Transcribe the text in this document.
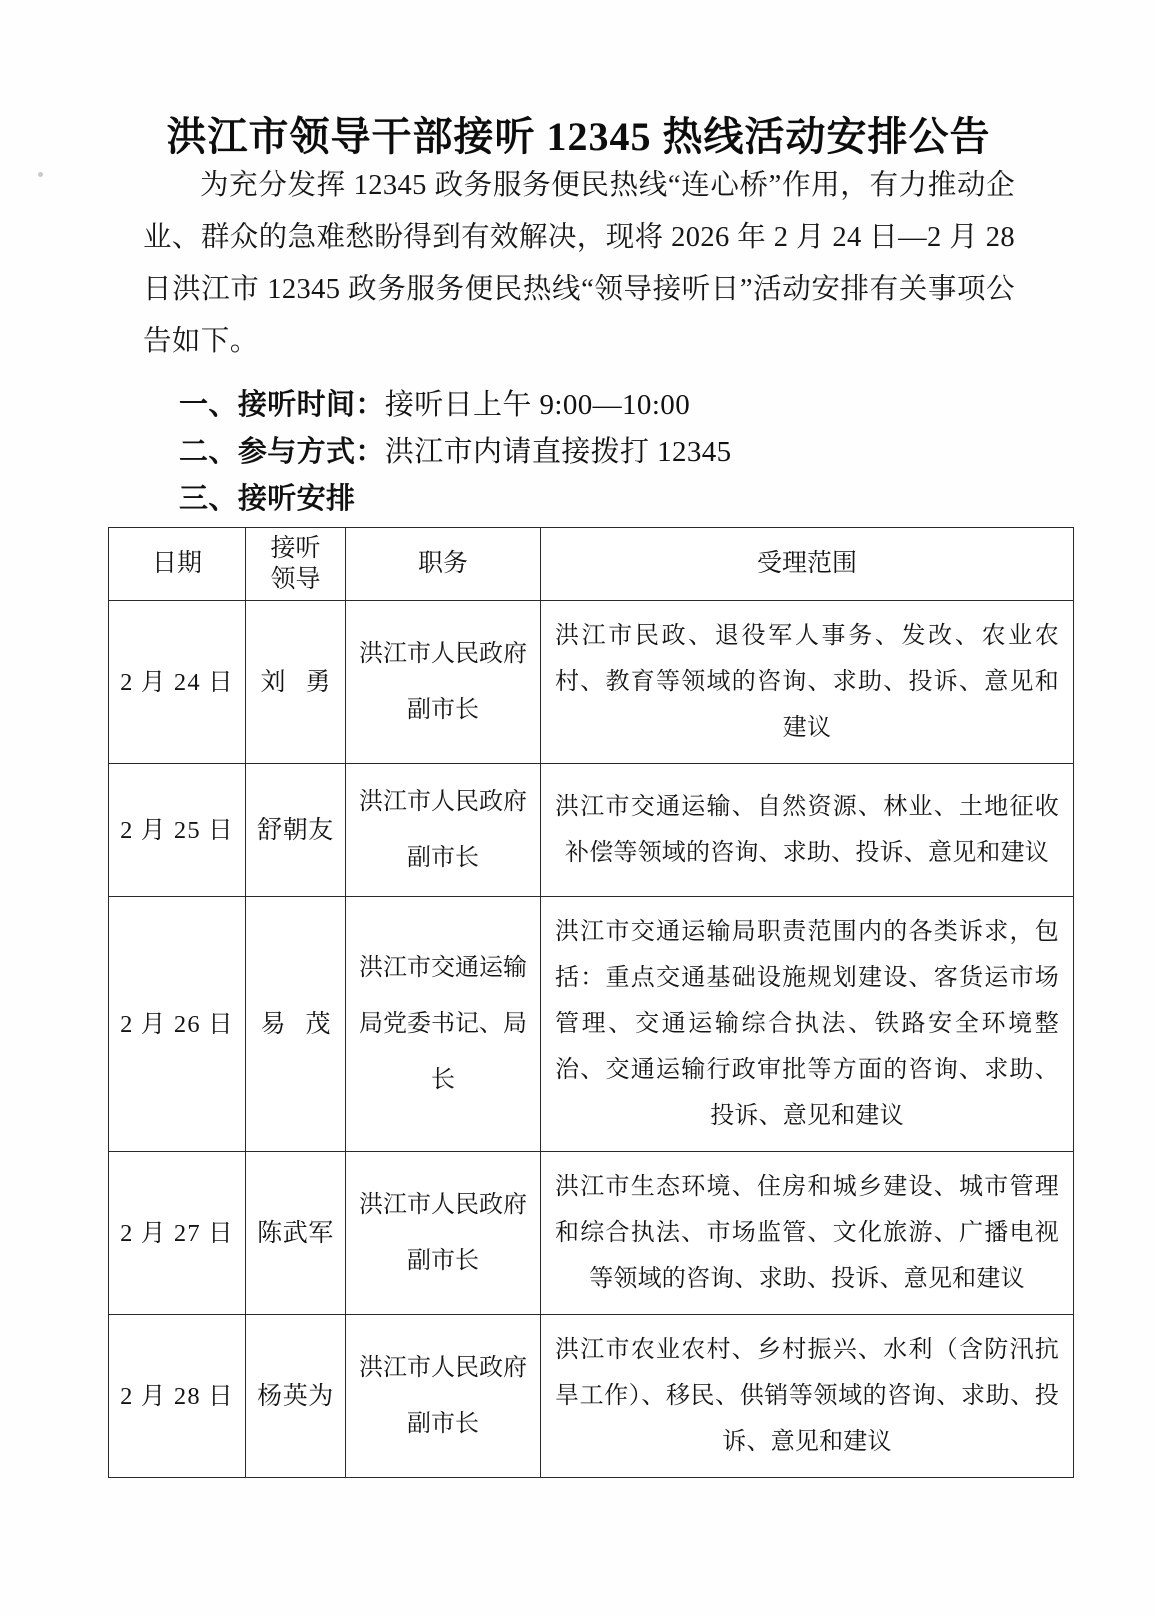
洪江市领导干部接听 12345 热线活动安排公告

为充分发挥 12345 政务服务便民热线“连心桥”作用，有力推动企业、群众的急难愁盼得到有效解决，现将 2026 年 2 月 24 日—2 月 28 日洪江市 12345 政务服务便民热线“领导接听日”活动安排有关事项公告如下。

一、接听时间：接听日上午 9:00—10:00
二、参与方式：洪江市内请直接拨打 12345
三、接听安排
日期	接听
领导	职务	受理范围
2 月 24 日	刘 勇	洪江市人民政府
副市长	洪江市民政、退役军人事务、发改、农业农村、教育等领域的咨询、求助、投诉、意见和建议
2 月 25 日	舒朝友	洪江市人民政府
副市长	洪江市交通运输、自然资源、林业、土地征收补偿等领域的咨询、求助、投诉、意见和建议
2 月 26 日	易 茂	洪江市交通运输
局党委书记、局长	洪江市交通运输局职责范围内的各类诉求，包括：重点交通基础设施规划建设、客货运市场管理、交通运输综合执法、铁路安全环境整治、交通运输行政审批等方面的咨询、求助、投诉、意见和建议
2 月 27 日	陈武军	洪江市人民政府
副市长	洪江市生态环境、住房和城乡建设、城市管理和综合执法、市场监管、文化旅游、广播电视等领域的咨询、求助、投诉、意见和建议
2 月 28 日	杨英为	洪江市人民政府
副市长	洪江市农业农村、乡村振兴、水利（含防汛抗旱工作）、移民、供销等领域的咨询、求助、投诉、意见和建议
